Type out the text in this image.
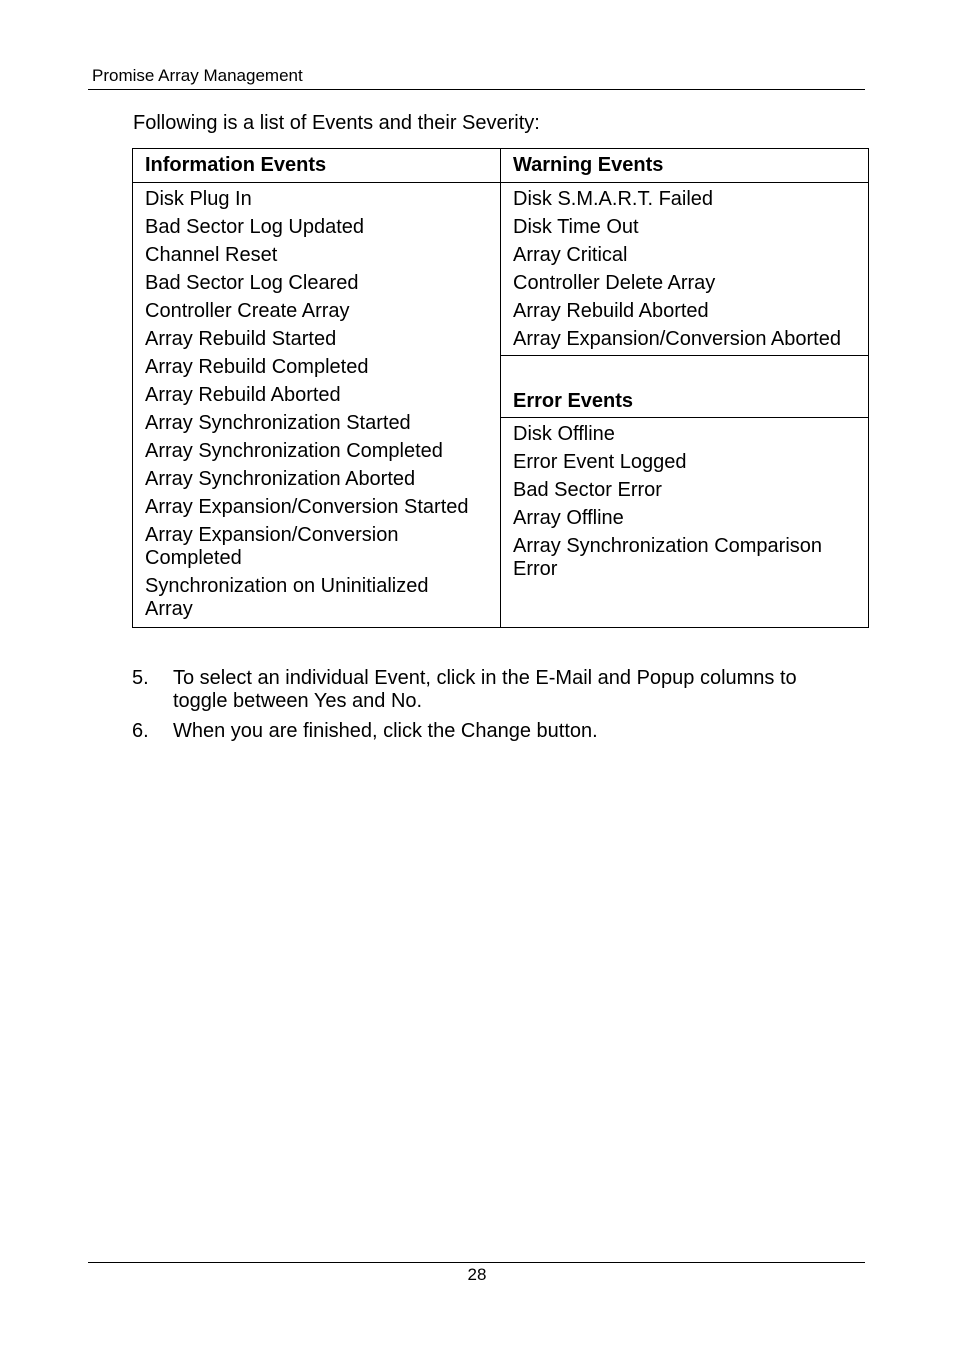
Promise Array Management
Following is a list of Events and their Severity:
Information Events	Warning Events
Disk Plug In
Bad Sector Log Updated
Channel Reset
Bad Sector Log Cleared
Controller Create Array
Array Rebuild Started
Array Rebuild Completed
Array Rebuild Aborted
Array Synchronization Started
Array Synchronization Completed
Array Synchronization Aborted
Array Expansion/Conversion Started
Array Expansion/Conversion Completed
Synchronization on Uninitialized Array
Disk S.M.A.R.T. Failed
Disk Time Out
Array Critical
Controller Delete Array
Array Rebuild Aborted
Array Expansion/Conversion Aborted
Error Events
Disk Offline
Error Event Logged
Bad Sector Error
Array Offline
Array Synchronization Comparison Error
5. To select an individual Event, click in the E-Mail and Popup columns to toggle between Yes and No.
6. When you are finished, click the Change button.
28
